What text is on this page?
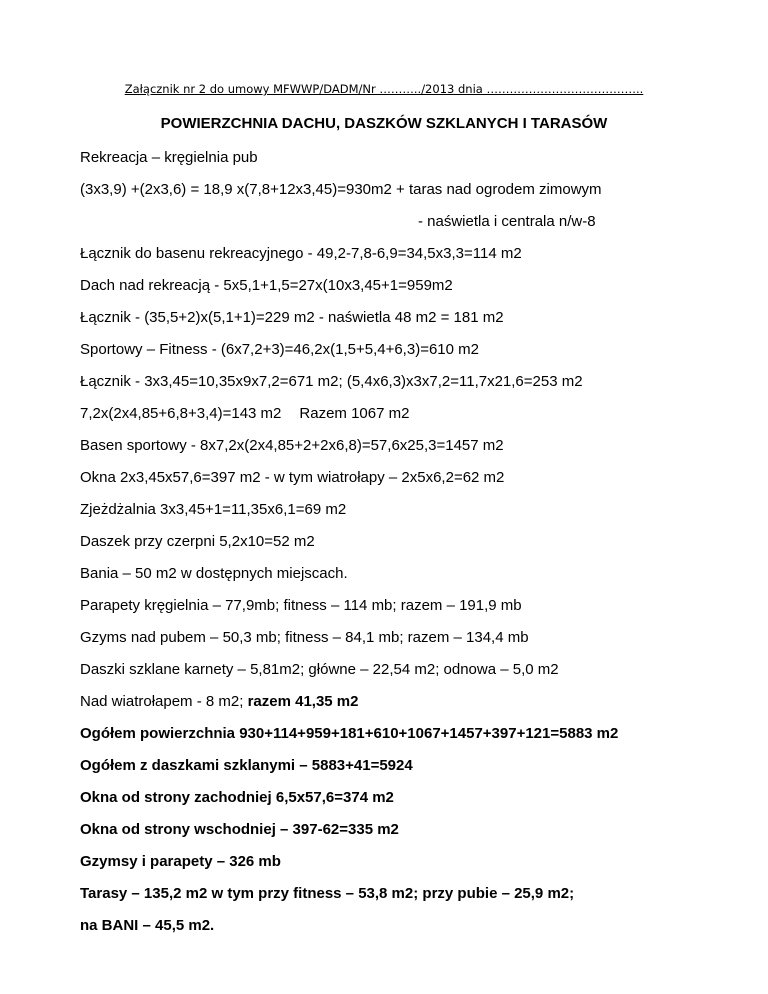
Załącznik nr 2 do umowy MFWWP/DADM/Nr ………../2013 dnia …………………………………..
POWIERZCHNIA DACHU, DASZKÓW SZKLANYCH I TARASÓW
Rekreacja – kręgielnia pub
(3x3,9) +(2x3,6) = 18,9 x(7,8+12x3,45)=930m2 + taras nad ogrodem zimowym
- naświetla i centrala n/w-8
Łącznik do basenu rekreacyjnego - 49,2-7,8-6,9=34,5x3,3=114 m2
Dach nad rekreacją - 5x5,1+1,5=27x(10x3,45+1=959m2
Łącznik - (35,5+2)x(5,1+1)=229 m2 - naświetla 48 m2 = 181 m2
Sportowy – Fitness - (6x7,2+3)=46,2x(1,5+5,4+6,3)=610 m2
Łącznik - 3x3,45=10,35x9x7,2=671 m2; (5,4x6,3)x3x7,2=11,7x21,6=253 m2
7,2x(2x4,85+6,8+3,4)=143 m2 Razem 1067 m2
Basen sportowy - 8x7,2x(2x4,85+2+2x6,8)=57,6x25,3=1457 m2
Okna 2x3,45x57,6=397 m2 - w tym wiatrołapy – 2x5x6,2=62 m2
Zjeżdżalnia 3x3,45+1=11,35x6,1=69 m2
Daszek przy czerpni 5,2x10=52 m2
Bania – 50 m2 w dostępnych miejscach.
Parapety kręgielnia – 77,9mb; fitness – 114 mb; razem – 191,9 mb
Gzyms nad pubem – 50,3 mb; fitness – 84,1 mb; razem – 134,4 mb
Daszki szklane karnety – 5,81m2; główne – 22,54 m2; odnowa – 5,0 m2
Nad wiatrołapem - 8 m2; razem 41,35 m2
Ogółem powierzchnia 930+114+959+181+610+1067+1457+397+121=5883 m2
Ogółem z daszkami szklanymi – 5883+41=5924
Okna od strony zachodniej 6,5x57,6=374 m2
Okna od strony wschodniej – 397-62=335 m2
Gzymsy i parapety – 326 mb
Tarasy – 135,2 m2 w tym przy fitness – 53,8 m2; przy pubie – 25,9 m2;
na BANI – 45,5 m2.
